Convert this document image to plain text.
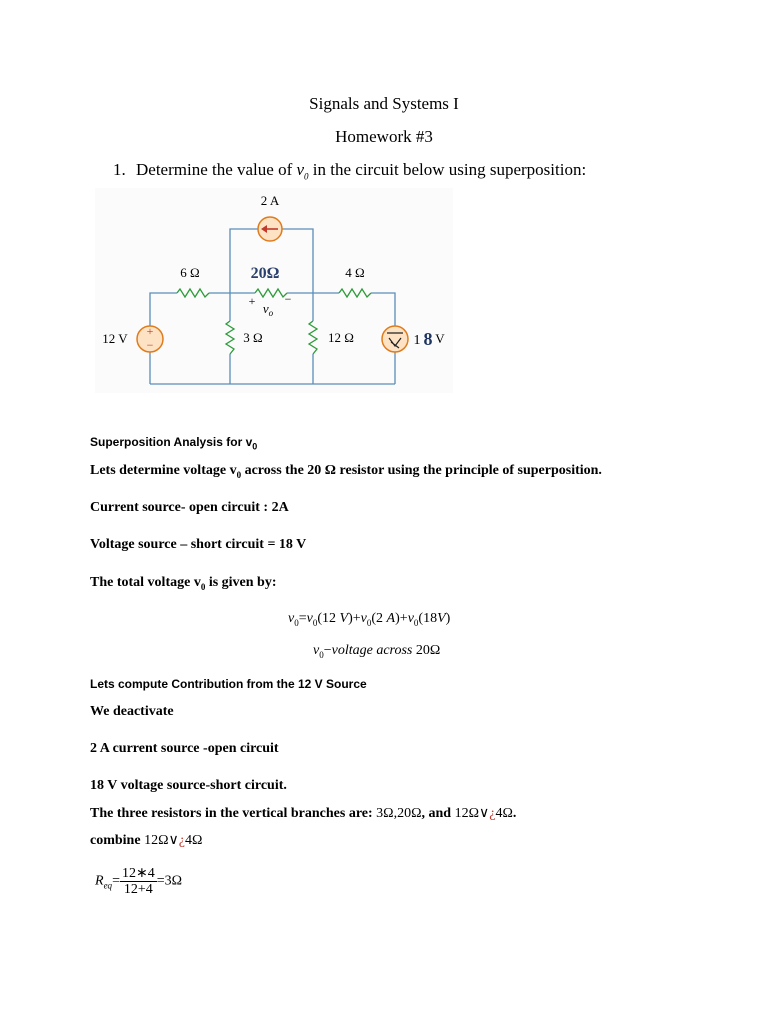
Signals and Systems I
Homework #3
1. Determine the value of $v_0$ in the circuit below using superposition:
+
−
2 A
6 Ω	20Ω	4 Ω
3 Ω	12 Ω
12 V	1 8 V
+ −
$v_o$
Superposition Analysis for $v_0$
Lets determine voltage $v_0$ across the 20 Ω resistor using the principle of superposition.
Current source- open circuit : 2A
Voltage source – short circuit = 18 V
The total voltage $v_0$ is given by:
$v_0=v_0(12$ $V)+v_0(2$ $A)+v_0(18V)$
$v_0-voltage$ across 20Ω
Lets compute Contribution from the 12 V Source
We deactivate
2 A current source -open circuit
18 V voltage source-short circuit.
The three resistors in the vertical branches are: 3Ω,20Ω, and 12Ω∨¿4Ω.
combine 12Ω∨¿4Ω
$R_{eq}= \frac{12∗4}{12+4} =3\Omega$
